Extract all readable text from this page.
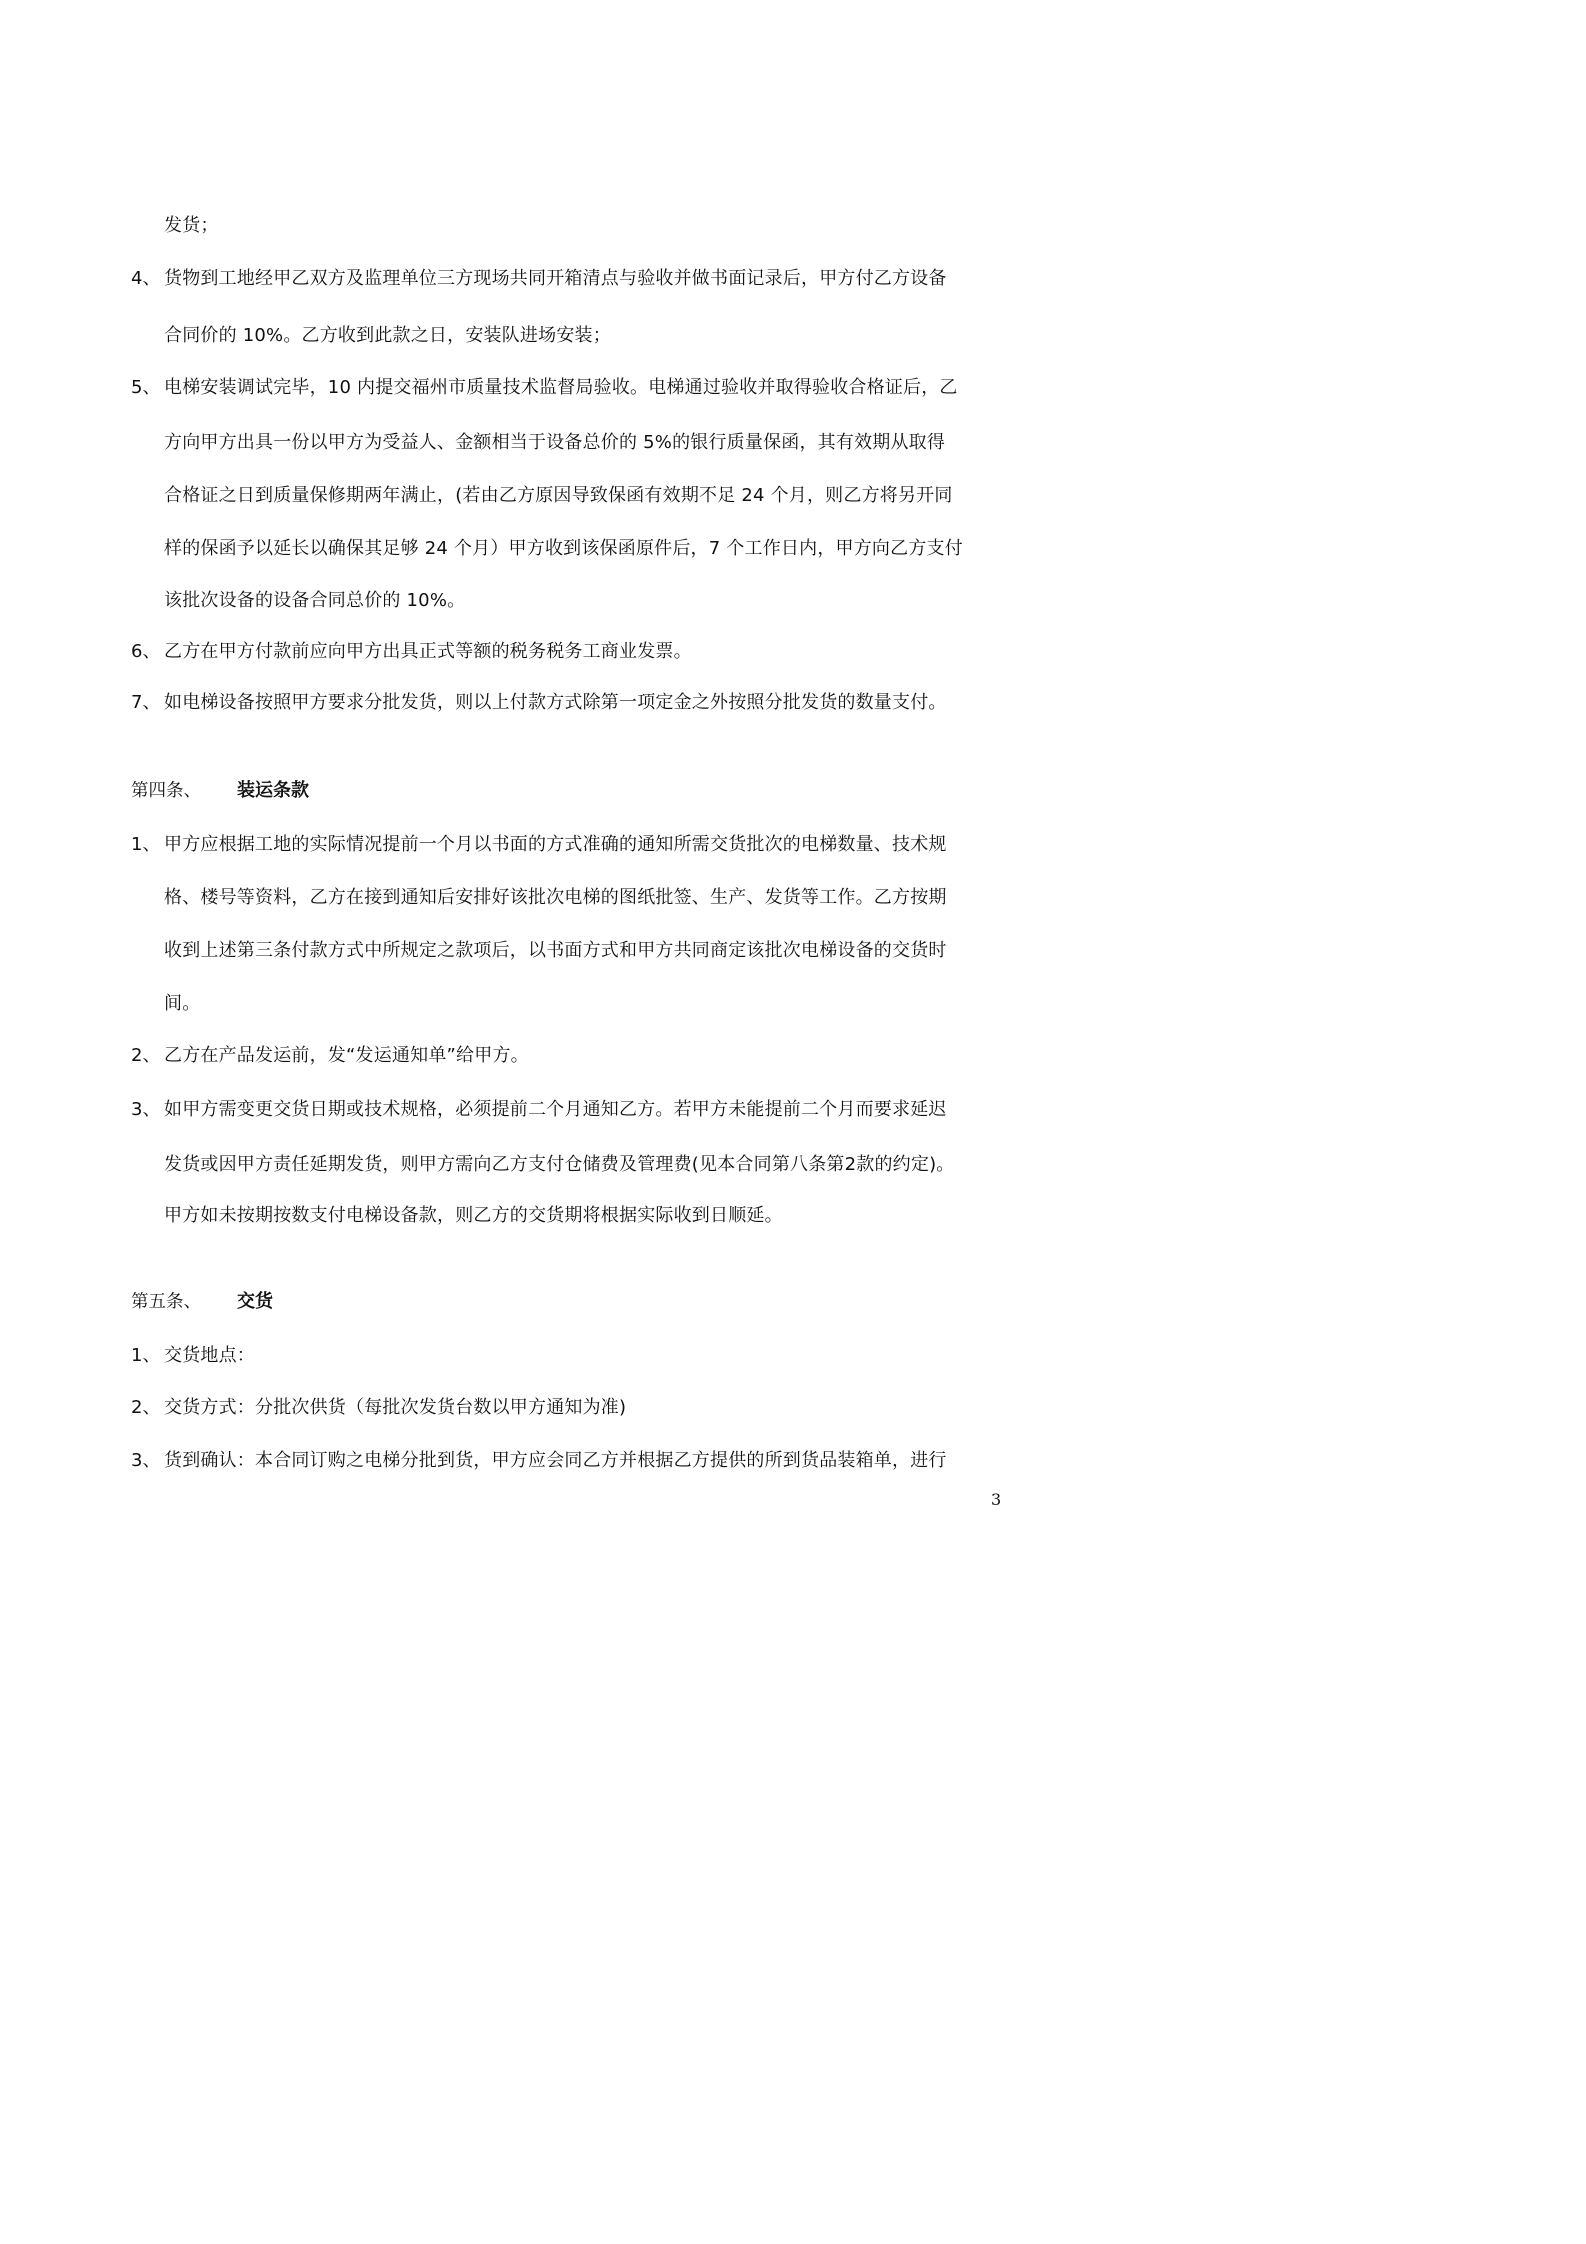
发货；
4、 货物到工地经甲乙双方及监理单位三方现场共同开箱清点与验收并做书面记录后，甲方付乙方设备
合同价的 10%。乙方收到此款之日，安装队进场安装；
5、 电梯安装调试完毕，10 内提交福州市质量技术监督局验收。电梯通过验收并取得验收合格证后，乙
方向甲方出具一份以甲方为受益人、金额相当于设备总价的 5%的银行质量保函，其有效期从取得
合格证之日到质量保修期两年满止，(若由乙方原因导致保函有效期不足 24 个月，则乙方将另开同
样的保函予以延长以确保其足够 24 个月）甲方收到该保函原件后，7 个工作日内，甲方向乙方支付
该批次设备的设备合同总价的 10%。
6、 乙方在甲方付款前应向甲方出具正式等额的税务税务工商业发票。
7、 如电梯设备按照甲方要求分批发货，则以上付款方式除第一项定金之外按照分批发货的数量支付。
第四条、 装运条款
1、 甲方应根据工地的实际情况提前一个月以书面的方式准确的通知所需交货批次的电梯数量、技术规
格、楼号等资料，乙方在接到通知后安排好该批次电梯的图纸批签、生产、发货等工作。乙方按期
收到上述第三条付款方式中所规定之款项后，以书面方式和甲方共同商定该批次电梯设备的交货时
间。
2、 乙方在产品发运前，发“发运通知单”给甲方。
3、 如甲方需变更交货日期或技术规格，必须提前二个月通知乙方。若甲方未能提前二个月而要求延迟
发货或因甲方责任延期发货，则甲方需向乙方支付仓储费及管理费(见本合同第八条第2款的约定)。
甲方如未按期按数支付电梯设备款，则乙方的交货期将根据实际收到日顺延。
第五条、 交货
1、 交货地点：
2、 交货方式：分批次供货（每批次发货台数以甲方通知为准)
3、 货到确认：本合同订购之电梯分批到货，甲方应会同乙方并根据乙方提供的所到货品装箱单，进行
3
